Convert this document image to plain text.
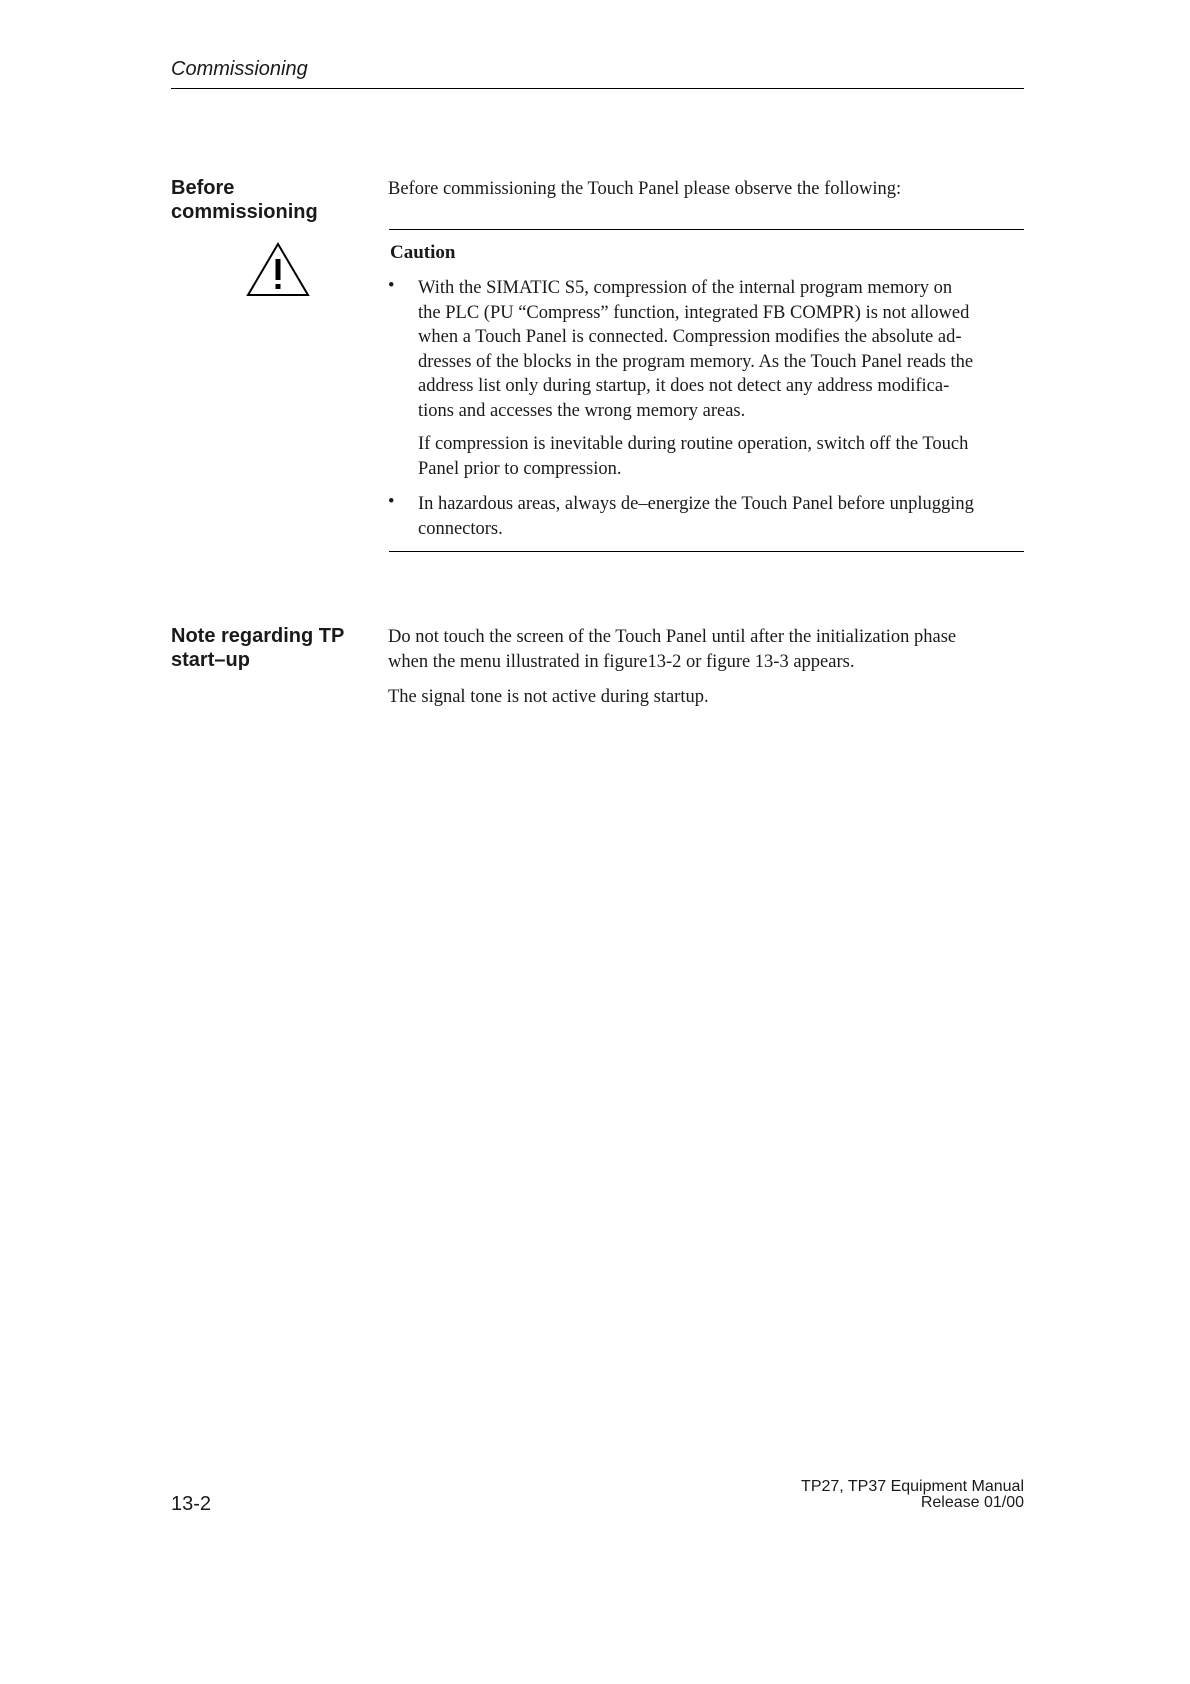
Commissioning
Before
commissioning
Before commissioning the Touch Panel please observe the following:
Caution
• With the SIMATIC S5, compression of the internal program memory on
the PLC (PU “Compress” function, integrated FB COMPR) is not allowed
when a Touch Panel is connected. Compression modifies the absolute ad-
dresses of the blocks in the program memory. As the Touch Panel reads the
address list only during startup, it does not detect any address modifica-
tions and accesses the wrong memory areas.
If compression is inevitable during routine operation, switch off the Touch
Panel prior to compression.
• In hazardous areas, always de–energize the Touch Panel before unplugging
connectors.
Note regarding TP
start–up
Do not touch the screen of the Touch Panel until after the initialization phase
when the menu illustrated in figure13-2 or figure 13-3 appears.
The signal tone is not active during startup.
13-2
TP27, TP37 Equipment Manual
Release 01/00
